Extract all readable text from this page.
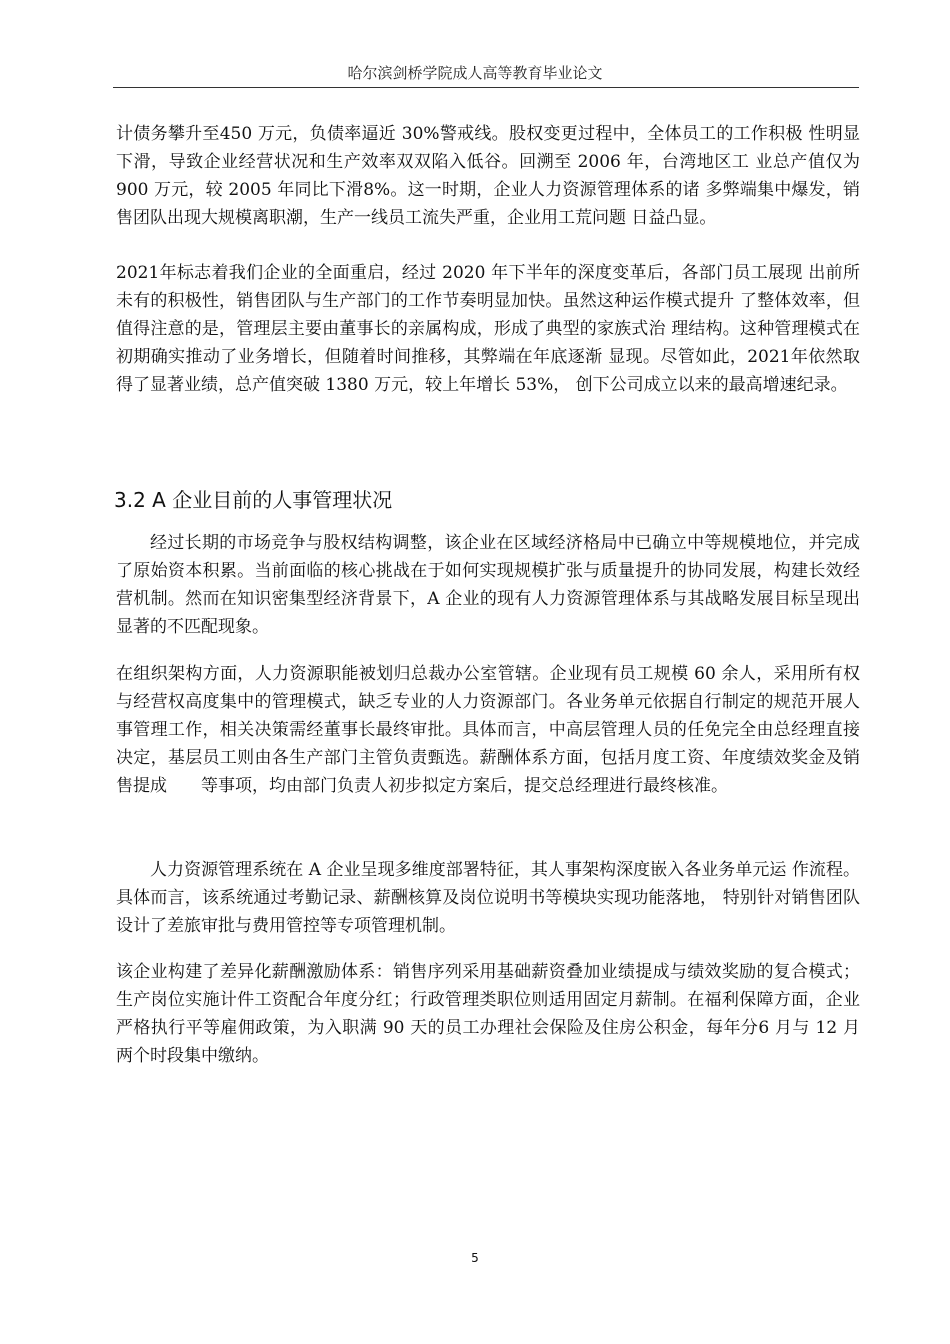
哈尔滨剑桥学院成人高等教育毕业论文

计债务攀升至450 万元，负债率逼近 30%警戒线。股权变更过程中，全体员工的工作积极 性明显下滑，导致企业经营状况和生产效率双双陷入低谷。回溯至 2006 年，台湾地区工 业总产值仅为900 万元，较 2005 年同比下滑8%。这一时期，企业人力资源管理体系的诸 多弊端集中爆发，销售团队出现大规模离职潮，生产一线员工流失严重，企业用工荒问题 日益凸显。

2021年标志着我们企业的全面重启，经过 2020 年下半年的深度变革后，各部门员工展现 出前所未有的积极性，销售团队与生产部门的工作节奏明显加快。虽然这种运作模式提升 了整体效率，但值得注意的是，管理层主要由董事长的亲属构成，形成了典型的家族式治 理结构。这种管理模式在初期确实推动了业务增长，但随着时间推移，其弊端在年底逐渐 显现。尽管如此，2021年依然取得了显著业绩，总产值突破 1380 万元，较上年增长 53%， 创下公司成立以来的最高增速纪录。

3.2 A 企业目前的人事管理状况

经过长期的市场竞争与股权结构调整，该企业在区域经济格局中已确立中等规模地位，并完成了原始资本积累。当前面临的核心挑战在于如何实现规模扩张与质量提升的协同发展，构建长效经营机制。然而在知识密集型经济背景下，A 企业的现有人力资源管理体系与其战略发展目标呈现出显著的不匹配现象。

在组织架构方面，人力资源职能被划归总裁办公室管辖。企业现有员工规模 60 余人，采用所有权与经营权高度集中的管理模式，缺乏专业的人力资源部门。各业务单元依据自行制定的规范开展人事管理工作，相关决策需经董事长最终审批。具体而言，中高层管理人员的任免完全由总经理直接决定，基层员工则由各生产部门主管负责甄选。薪酬体系方面，包括月度工资、年度绩效奖金及销售提成　　等事项，均由部门负责人初步拟定方案后，提交总经理进行最终核准。

人力资源管理系统在 A 企业呈现多维度部署特征，其人事架构深度嵌入各业务单元运 作流程。具体而言，该系统通过考勤记录、薪酬核算及岗位说明书等模块实现功能落地， 特别针对销售团队设计了差旅审批与费用管控等专项管理机制。

该企业构建了差异化薪酬激励体系：销售序列采用基础薪资叠加业绩提成与绩效奖励的复合模式；生产岗位实施计件工资配合年度分红；行政管理类职位则适用固定月薪制。在福利保障方面，企业严格执行平等雇佣政策，为入职满 90 天的员工办理社会保险及住房公积金，每年分6 月与 12 月两个时段集中缴纳。

5
